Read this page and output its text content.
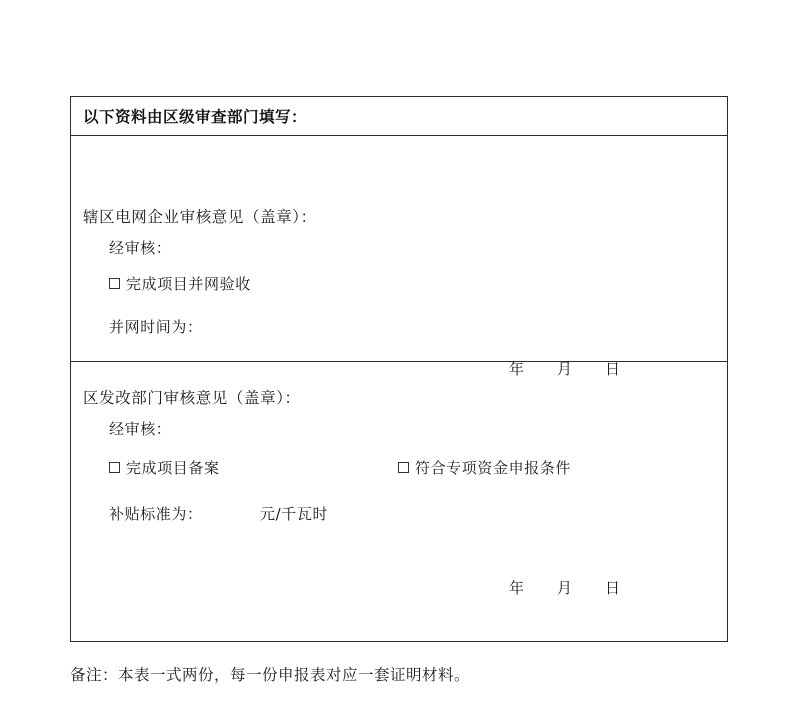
以下资料由区级审查部门填写：
辖区电网企业审核意见（盖章）：
经审核：
完成项目并网验收
并网时间为：
年 月 日
区发改部门审核意见（盖章）：
经审核：
完成项目备案	符合专项资金申报条件
补贴标准为：	元/千瓦时
年 月 日
备注：本表一式两份，每一份申报表对应一套证明材料。
